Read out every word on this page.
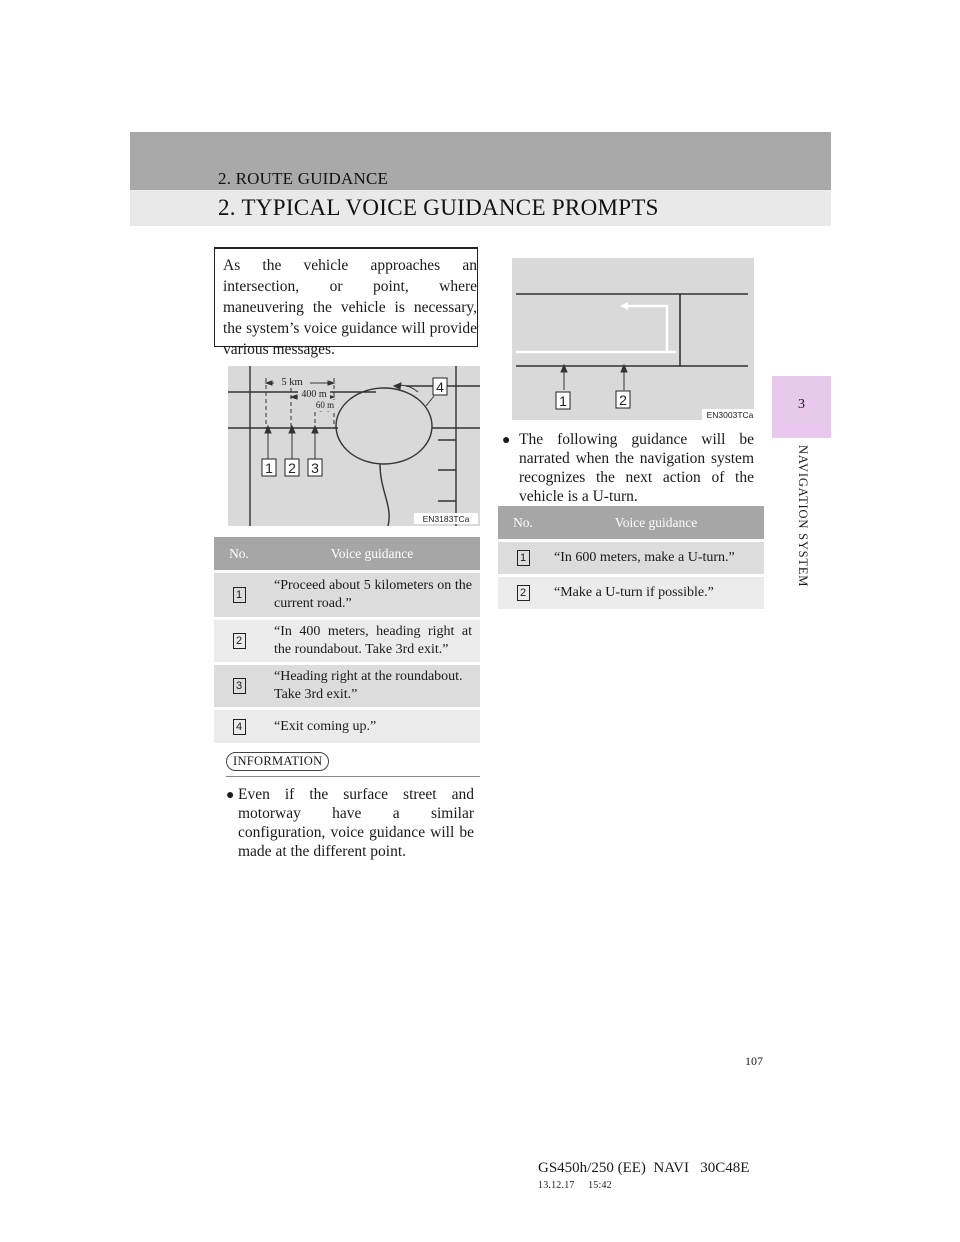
2. ROUTE GUIDANCE
2. TYPICAL VOICE GUIDANCE PROMPTS
3
NAVIGATION SYSTEM
As the vehicle approaches an intersection, or point, where maneuvering the vehicle is necessary, the system’s voice guidance will provide various messages.
5 km
400 m
60 m
1 2 3
4
EN3183TCa
No.	Voice guidance

1	“Proceed about 5 kilometers on the current road.”

2	“In 400 meters, heading right at the roundabout. Take 3rd exit.”

3	“Heading right at the roundabout. Take 3rd exit.”

4	“Exit coming up.”
INFORMATION
● Even if the surface street and motorway have a similar configuration, voice guidance will be made at the different point.
1	2
EN3003TCa
● The following guidance will be narrated when the navigation system recognizes the next action of the vehicle is a U-turn.
No.	Voice guidance

1	“In 600 meters, make a U-turn.”

2	“Make a U-turn if possible.”
107
GS450h/250 (EE)  NAVI   30C48E
13.12.17     15:42
